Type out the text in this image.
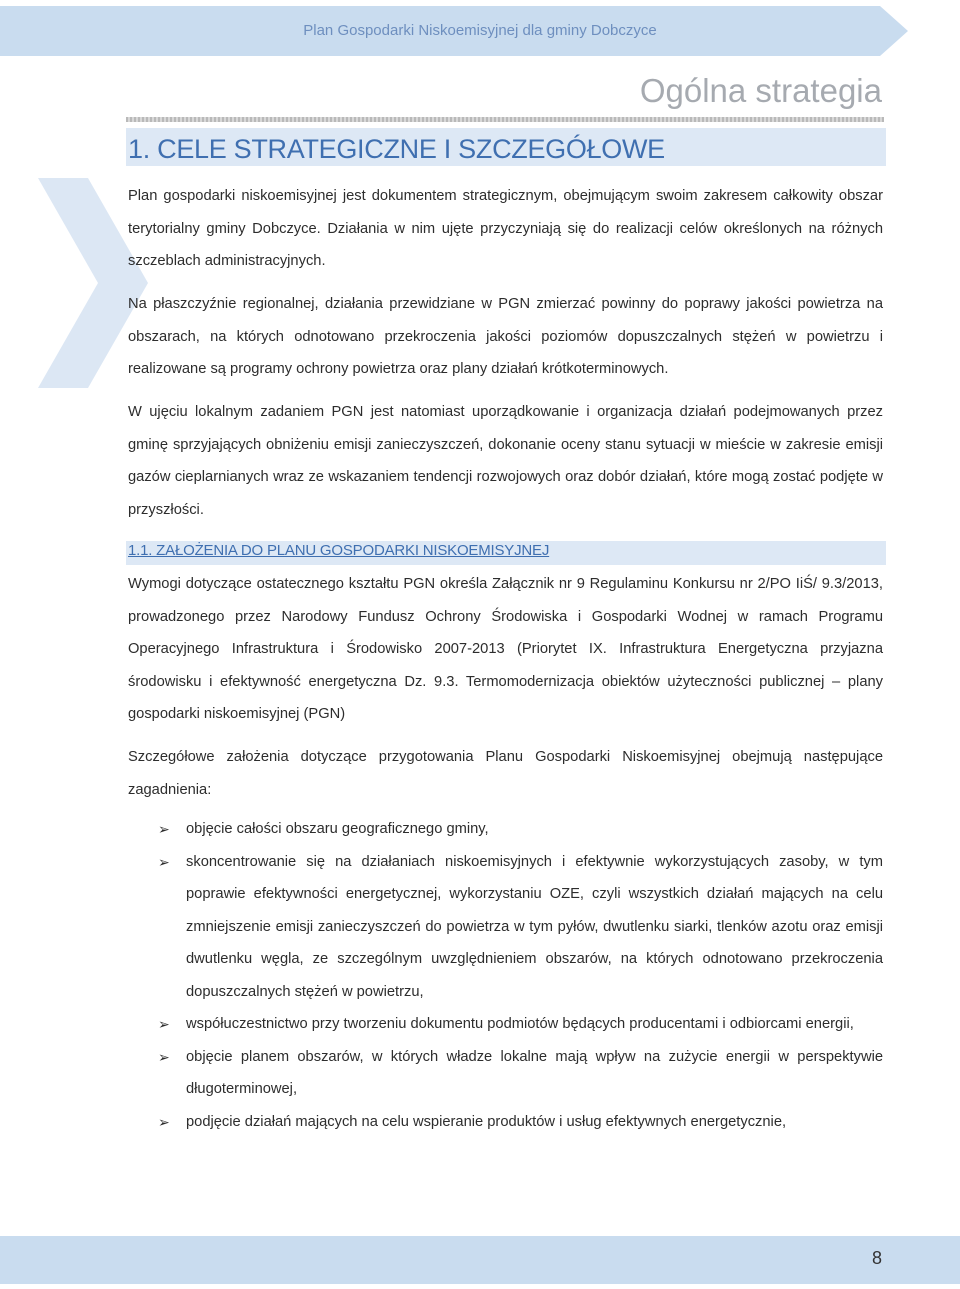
Plan Gospodarki Niskoemisyjnej dla gminy Dobczyce
Ogólna strategia
1. CELE STRATEGICZNE I SZCZEGÓŁOWE
Plan gospodarki niskoemisyjnej jest dokumentem strategicznym, obejmującym swoim zakresem całkowity obszar terytorialny gminy Dobczyce. Działania w nim ujęte przyczyniają się do realizacji celów określonych na różnych szczeblach administracyjnych.
Na płaszczyźnie regionalnej, działania przewidziane w PGN zmierzać powinny do poprawy jakości powietrza na obszarach, na których odnotowano przekroczenia jakości poziomów dopuszczalnych stężeń w powietrzu i realizowane są programy ochrony powietrza oraz plany działań krótkoterminowych.
W ujęciu lokalnym zadaniem PGN jest natomiast uporządkowanie i organizacja działań podejmowanych przez gminę sprzyjających obniżeniu emisji zanieczyszczeń, dokonanie oceny stanu sytuacji w mieście w zakresie emisji gazów cieplarnianych wraz ze wskazaniem tendencji rozwojowych oraz dobór działań, które mogą zostać podjęte w przyszłości.
1.1. ZAŁOŻENIA DO PLANU GOSPODARKI NISKOEMISYJNEJ
Wymogi dotyczące ostatecznego kształtu PGN określa Załącznik nr 9 Regulaminu Konkursu nr 2/PO IiŚ/ 9.3/2013, prowadzonego przez Narodowy Fundusz Ochrony Środowiska i Gospodarki Wodnej w ramach Programu Operacyjnego Infrastruktura i Środowisko 2007-2013 (Priorytet IX. Infrastruktura Energetyczna przyjazna środowisku i efektywność energetyczna Dz. 9.3. Termomodernizacja obiektów użyteczności publicznej – plany gospodarki niskoemisyjnej (PGN)
Szczegółowe założenia dotyczące przygotowania Planu Gospodarki Niskoemisyjnej obejmują następujące zagadnienia:
➢ objęcie całości obszaru geograficznego gminy,
➢ skoncentrowanie się na działaniach niskoemisyjnych i efektywnie wykorzystujących zasoby, w tym poprawie efektywności energetycznej, wykorzystaniu OZE, czyli wszystkich działań mających na celu zmniejszenie emisji zanieczyszczeń do powietrza w tym pyłów, dwutlenku siarki, tlenków azotu oraz emisji dwutlenku węgla, ze szczególnym uwzględnieniem obszarów, na których odnotowano przekroczenia dopuszczalnych stężeń w powietrzu,
➢ współuczestnictwo przy tworzeniu dokumentu podmiotów będących producentami i odbiorcami energii,
➢ objęcie planem obszarów, w których władze lokalne mają wpływ na zużycie energii w perspektywie długoterminowej,
➢ podjęcie działań mających na celu wspieranie produktów i usług efektywnych energetycznie,
8
